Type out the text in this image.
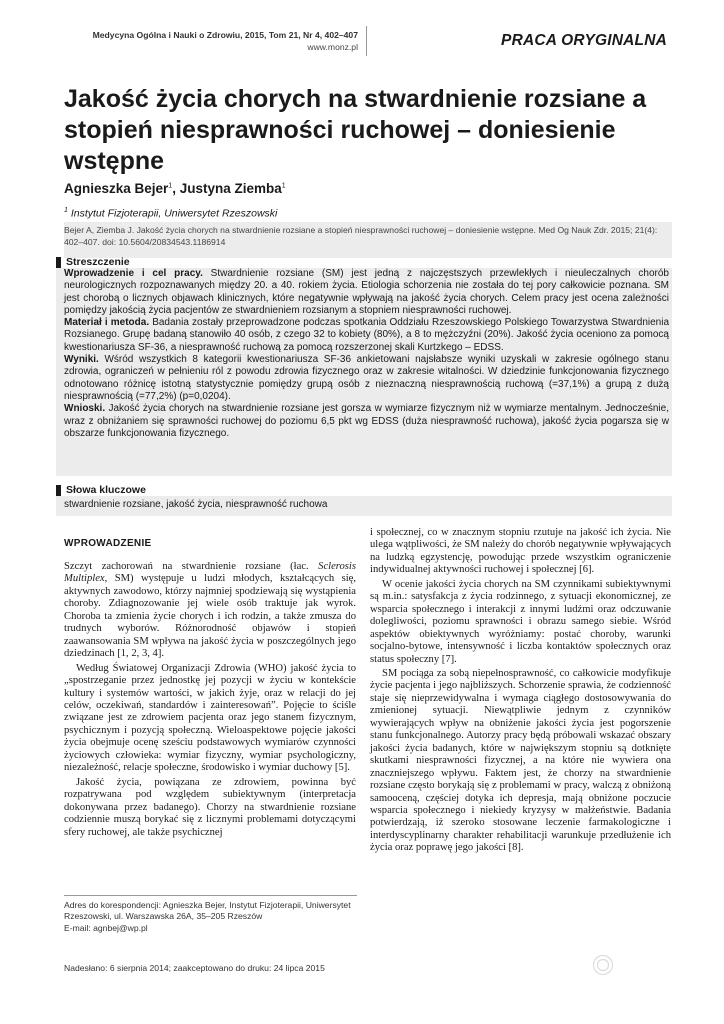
Medycyna Ogólna i Nauki o Zdrowiu, 2015, Tom 21, Nr 4, 402–407
www.monz.pl	PRACA ORYGINALNA
Jakość życia chorych na stwardnienie rozsiane a stopień niesprawności ruchowej – doniesienie wstępne
Agnieszka Bejer$^1$, Justyna Ziemba$^1$
$^1$ Instytut Fizjoterapii, Uniwersytet Rzeszowski
Bejer A, Ziemba J. Jakość życia chorych na stwardnienie rozsiane a stopień niesprawności ruchowej – doniesienie wstępne. Med Og Nauk Zdr. 2015; 21(4): 402–407. doi: 10.5604/20834543.1186914
Streszczenie

Wprowadzenie i cel pracy. Stwardnienie rozsiane (SM) jest jedną z najczęstszych przewlekłych i nieuleczalnych chorób neurologicznych rozpoznawanych między 20. a 40. rokiem życia. Etiologia schorzenia nie została do tej pory całkowicie poznana. SM jest chorobą o licznych objawach klinicznych, które negatywnie wpływają na jakość życia chorych. Celem pracy jest ocena zależności pomiędzy jakością życia pacjentów ze stwardnieniem rozsianym a stopniem niesprawności ruchowej.

Materiał i metoda. Badania zostały przeprowadzone podczas spotkania Oddziału Rzeszowskiego Polskiego Towarzystwa Stwardnienia Rozsianego. Grupę badaną stanowiło 40 osób, z czego 32 to kobiety (80%), a 8 to mężczyźni (20%). Jakość życia oceniono za pomocą kwestionariusza SF-36, a niesprawność ruchową za pomocą rozszerzonej skali Kurtzkego – EDSS.

Wyniki. Wśród wszystkich 8 kategorii kwestionariusza SF-36 ankietowani najsłabsze wyniki uzyskali w zakresie ogólnego stanu zdrowia, ograniczeń w pełnieniu ról z powodu zdrowia fizycznego oraz w zakresie witalności. W dziedzinie funkcjonowania fizycznego odnotowano różnicę istotną statystycznie pomiędzy grupą osób z nieznaczną niesprawnością ruchową (=37,1%) a grupą z dużą niesprawnością (=77,2%) (p=0,0204).

Wnioski. Jakość życia chorych na stwardnienie rozsiane jest gorsza w wymiarze fizycznym niż w wymiarze mentalnym. Jednocześnie, wraz z obniżaniem się sprawności ruchowej do poziomu 6,5 pkt wg EDSS (duża niesprawność ruchowa), jakość życia pogarsza się w obszarze funkcjonowania fizycznego.

Słowa kluczowe
stwardnienie rozsiane, jakość życia, niesprawność ruchowa
WPROWADZENIE

Szczyt zachorowań na stwardnienie rozsiane (łac. Sclerosis Multiplex, SM) występuje u ludzi młodych, kształcących się, aktywnych zawodowo, którzy najmniej spodziewają się wystąpienia choroby. Zdiagnozowanie jej wiele osób traktuje jak wyrok. Choroba ta zmienia życie chorych i ich rodzin, a także zmusza do trudnych wyborów. Różnorodność objawów i stopień zaawansowania SM wpływa na jakość życia w poszczególnych jego dziedzinach [1, 2, 3, 4].

Według Światowej Organizacji Zdrowia (WHO) jakość życia to „spostrzeganie przez jednostkę jej pozycji w życiu w kontekście kultury i systemów wartości, w jakich żyje, oraz w relacji do jej celów, oczekiwań, standardów i zainteresowań”. Pojęcie to ściśle związane jest ze zdrowiem pacjenta oraz jego stanem fizycznym, psychicznym i pozycją społeczną. Wieloaspektowe pojęcie jakości życia obejmuje ocenę sześciu podstawowych wymiarów czynności życiowych człowieka: wymiar fizyczny, wymiar psychologiczny, niezależność, relacje społeczne, środowisko i wymiar duchowy [5].

Jakość życia, powiązana ze zdrowiem, powinna być rozpatrywana pod względem subiektywnym (interpretacja dokonywana przez badanego). Chorzy na stwardnienie rozsiane codziennie muszą borykać się z licznymi problemami dotyczącymi sfery ruchowej, ale także psychicznej

i społecznej, co w znacznym stopniu rzutuje na jakość ich życia. Nie ulega wątpliwości, że SM należy do chorób negatywnie wpływających na ludzką egzystencję, powodując przede wszystkim ograniczenie indywidualnej aktywności ruchowej i społecznej [6].

W ocenie jakości życia chorych na SM czynnikami subiektywnymi są m.in.: satysfakcja z życia rodzinnego, z sytuacji ekonomicznej, ze wsparcia społecznego i interakcji z innymi ludźmi oraz odczuwanie dolegliwości, poziomu sprawności i obrazu samego siebie. Wśród aspektów obiektywnych wyróżniamy: postać choroby, warunki socjalno-bytowe, intensywność i liczba kontaktów społecznych oraz status społeczny [7].

SM pociąga za sobą niepełnosprawność, co całkowicie modyfikuje życie pacjenta i jego najbliższych. Schorzenie sprawia, że codzienność staje się nieprzewidywalna i wymaga ciągłego dostosowywania do zmienionej sytuacji. Niewątpliwie jednym z czynników wywierających wpływ na obniżenie jakości życia jest pogorszenie stanu funkcjonalnego. Autorzy pracy będą próbowali wskazać obszary jakości życia badanych, które w największym stopniu są dotknięte skutkami niesprawności fizycznej, a na które nie wywiera ona znaczniejszego wpływu. Faktem jest, że chorzy na stwardnienie rozsiane często borykają się z problemami w pracy, walczą z obniżoną samooceną, częściej dotyka ich depresja, mają obniżone poczucie wsparcia społecznego i niekiedy kryzysy w małżeństwie. Badania potwierdzają, iż szeroko stosowane leczenie farmakologiczne i interdyscyplinarny charakter rehabilitacji warunkuje przedłużenie ich życia oraz poprawę jego jakości [8].

Adres do korespondencji: Agnieszka Bejer, Instytut Fizjoterapii, Uniwersytet Rzeszowski, ul. Warszawska 26A, 35–205 Rzeszów
E-mail: agnbej@wp.pl
Nadesłano: 6 sierpnia 2014; zaakceptowano do druku: 24 lipca 2015
